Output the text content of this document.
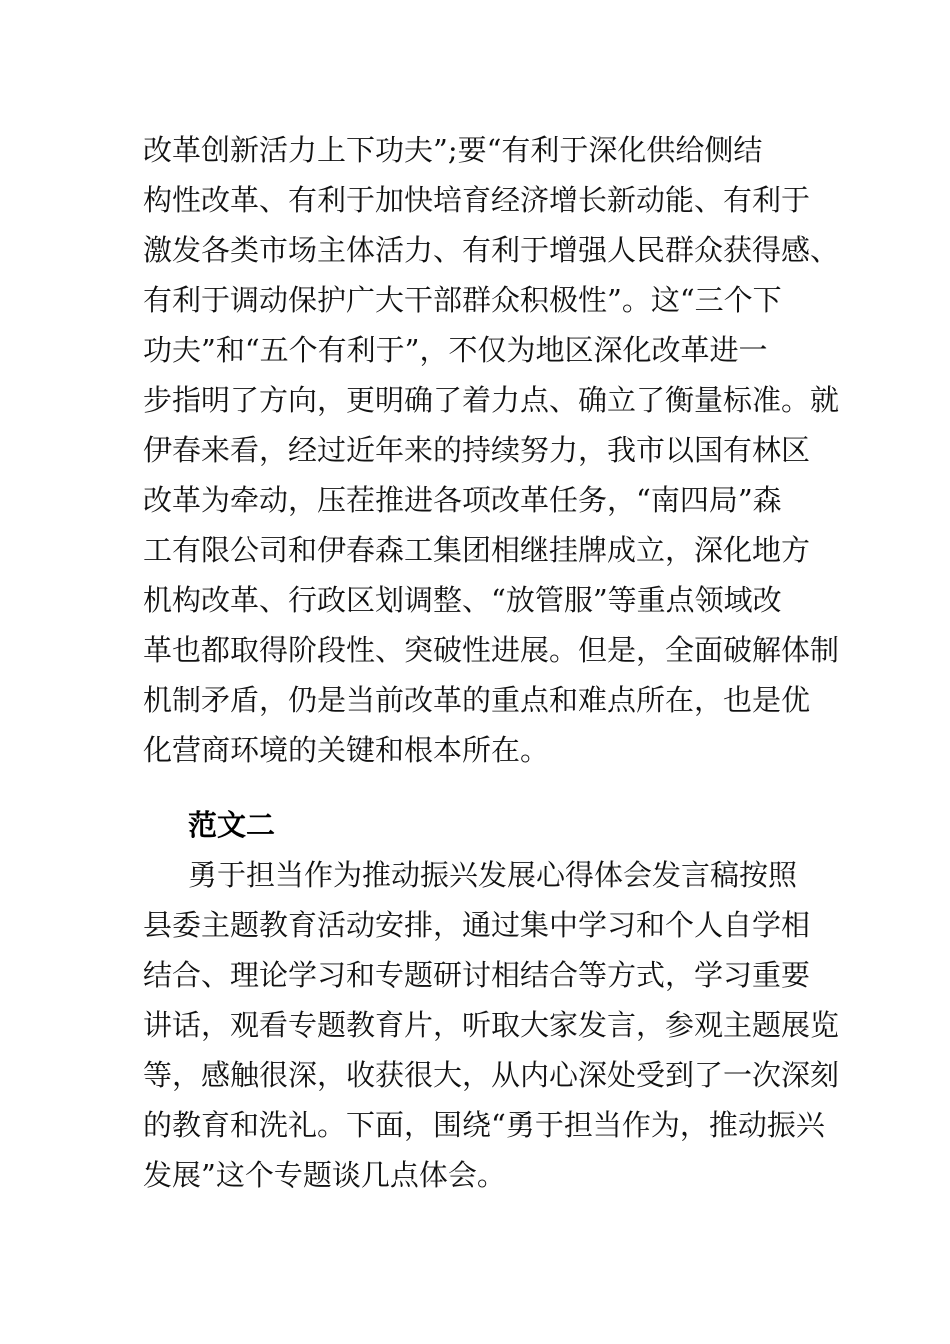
改革创新活力上下功夫”;要“有利于深化供给侧结
构性改革、有利于加快培育经济增长新动能、有利于
激发各类市场主体活力、有利于增强人民群众获得感、
有利于调动保护广大干部群众积极性”。这“三个下
功夫”和“五个有利于”，不仅为地区深化改革进一
步指明了方向，更明确了着力点、确立了衡量标准。就
伊春来看，经过近年来的持续努力，我市以国有林区
改革为牵动，压茬推进各项改革任务，“南四局”森
工有限公司和伊春森工集团相继挂牌成立，深化地方
机构改革、行政区划调整、“放管服”等重点领域改
革也都取得阶段性、突破性进展。但是，全面破解体制
机制矛盾，仍是当前改革的重点和难点所在，也是优
化营商环境的关键和根本所在。
范文二
勇于担当作为推动振兴发展心得体会发言稿按照
县委主题教育活动安排，通过集中学习和个人自学相
结合、理论学习和专题研讨相结合等方式，学习重要
讲话，观看专题教育片，听取大家发言，参观主题展览
等，感触很深，收获很大，从内心深处受到了一次深刻
的教育和洗礼。下面，围绕“勇于担当作为，推动振兴
发展”这个专题谈几点体会。
